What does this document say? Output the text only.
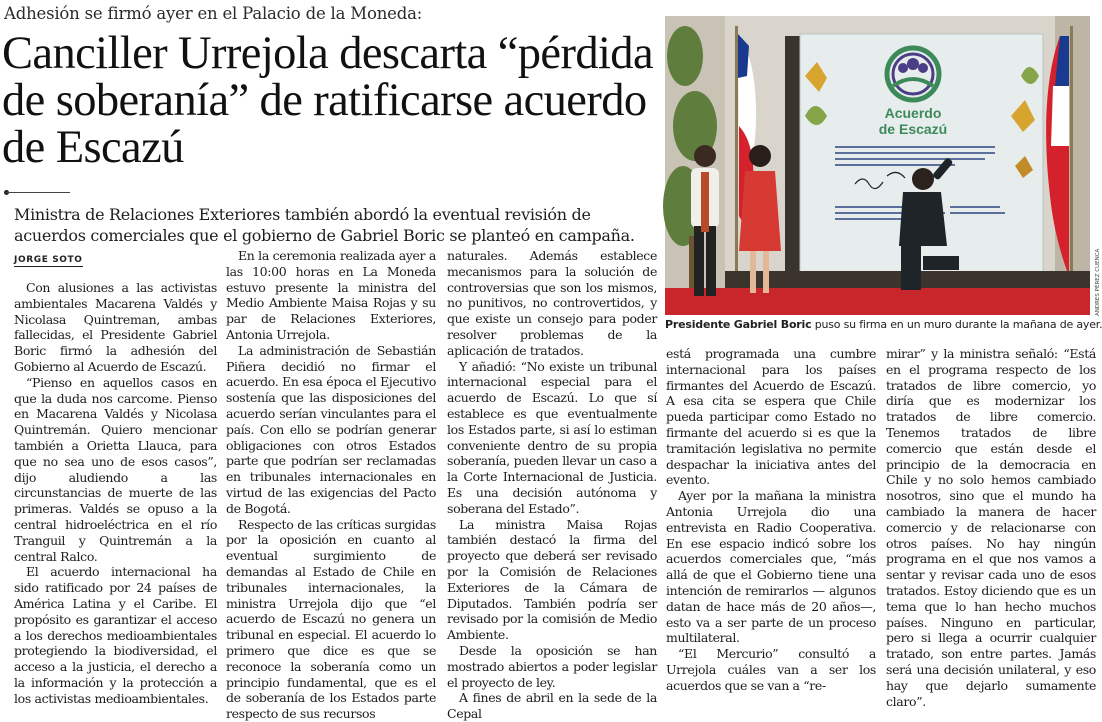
Adhesión se firmó ayer en el Palacio de la Moneda:
Canciller Urrejola descarta “pérdida de soberanía” de ratificarse acuerdo de Escazú

Ministra de Relaciones Exteriores también abordó la eventual revisión de acuerdos comerciales que el gobierno de Gabriel Boric se planteó en campaña.

JORGE SOTO

Con alusiones a las activistas ambientales Macarena Valdés y Nicolasa Quintreman, ambas fallecidas, el Presidente Gabriel Boric firmó la adhesión del Gobierno al Acuerdo de Escazú.

“Pienso en aquellos casos en que la duda nos carcome. Pienso en Macarena Valdés y Nicolasa Quintremán. Quiero mencionar también a Orietta Llauca, para que no sea uno de esos casos”, dijo aludiendo a las circunstancias de muerte de las primeras. Valdés se opuso a la central hidroeléctrica en el río Tranguil y Quintremán a la central Ralco.

El acuerdo internacional ha sido ratificado por 24 países de América Latina y el Caribe. El propósito es garantizar el acceso a los derechos medioambientales protegiendo la biodiversidad, el acceso a la justicia, el derecho a la información y la protección a los activistas medioambientales.

En la ceremonia realizada ayer a las 10:00 horas en La Moneda estuvo presente la ministra del Medio Ambiente Maisa Rojas y su par de Relaciones Exteriores, Antonia Urrejola.

La administración de Sebastián Piñera decidió no firmar el acuerdo. En esa época el Ejecutivo sostenía que las disposiciones del acuerdo serían vinculantes para el país. Con ello se podrían generar obligaciones con otros Estados parte que podrían ser reclamadas en tribunales internacionales en virtud de las exigencias del Pacto de Bogotá.

Respecto de las críticas surgidas por la oposición en cuanto al eventual surgimiento de demandas al Estado de Chile en tribunales internacionales, la ministra Urrejola dijo que “el acuerdo de Escazú no genera un tribunal en especial. El acuerdo lo primero que dice es que se reconoce la soberanía como un principio fundamental, que es el de soberanía de los Estados parte respecto de sus recursos

naturales. Además establece mecanismos para la solución de controversias que son los mismos, no punitivos, no controvertidos, y que existe un consejo para poder resolver problemas de la aplicación de tratados.

Y añadió: “No existe un tribunal internacional especial para el acuerdo de Escazú. Lo que sí establece es que eventualmente los Estados parte, si así lo estiman conveniente dentro de su propia soberanía, pueden llevar un caso a la Corte Internacional de Justicia. Es una decisión autónoma y soberana del Estado”.

La ministra Maisa Rojas también destacó la firma del proyecto que deberá ser revisado por la Comisión de Relaciones Exteriores de la Cámara de Diputados. También podría ser revisado por la comisión de Medio Ambiente.

Desde la oposición se han mostrado abiertos a poder legislar el proyecto de ley.

A fines de abril en la sede de la Cepal

Acuerdo
de Escazú
ANDRES PÉREZ CUENCA
Presidente Gabriel Boric puso su firma en un muro durante la mañana de ayer.

está programada una cumbre internacional para los países firmantes del Acuerdo de Escazú. A esa cita se espera que Chile pueda participar como Estado no firmante del acuerdo si es que la tramitación legislativa no permite despachar la iniciativa antes del evento.

Ayer por la mañana la ministra Antonia Urrejola dio una entrevista en Radio Cooperativa. En ese espacio indicó sobre los acuerdos comerciales que, “más allá de que el Gobierno tiene una intención de remirarlos — algunos datan de hace más de 20 años—, esto va a ser parte de un proceso multilateral.

“El Mercurio” consultó a Urrejola cuáles van a ser los acuerdos que se van a “re-

mirar” y la ministra señaló: “Está en el programa respecto de los tratados de libre comercio, yo diría que es modernizar los tratados de libre comercio. Tenemos tratados de libre comercio que están desde el principio de la democracia en Chile y no solo hemos cambiado nosotros, sino que el mundo ha cambiado la manera de hacer comercio y de relacionarse con otros países. No hay ningún programa en el que nos vamos a sentar y revisar cada uno de esos tratados. Estoy diciendo que es un tema que lo han hecho muchos países. Ninguno en particular, pero si llega a ocurrir cualquier tratado, son entre partes. Jamás será una decisión unilateral, y eso hay que dejarlo sumamente claro”.
